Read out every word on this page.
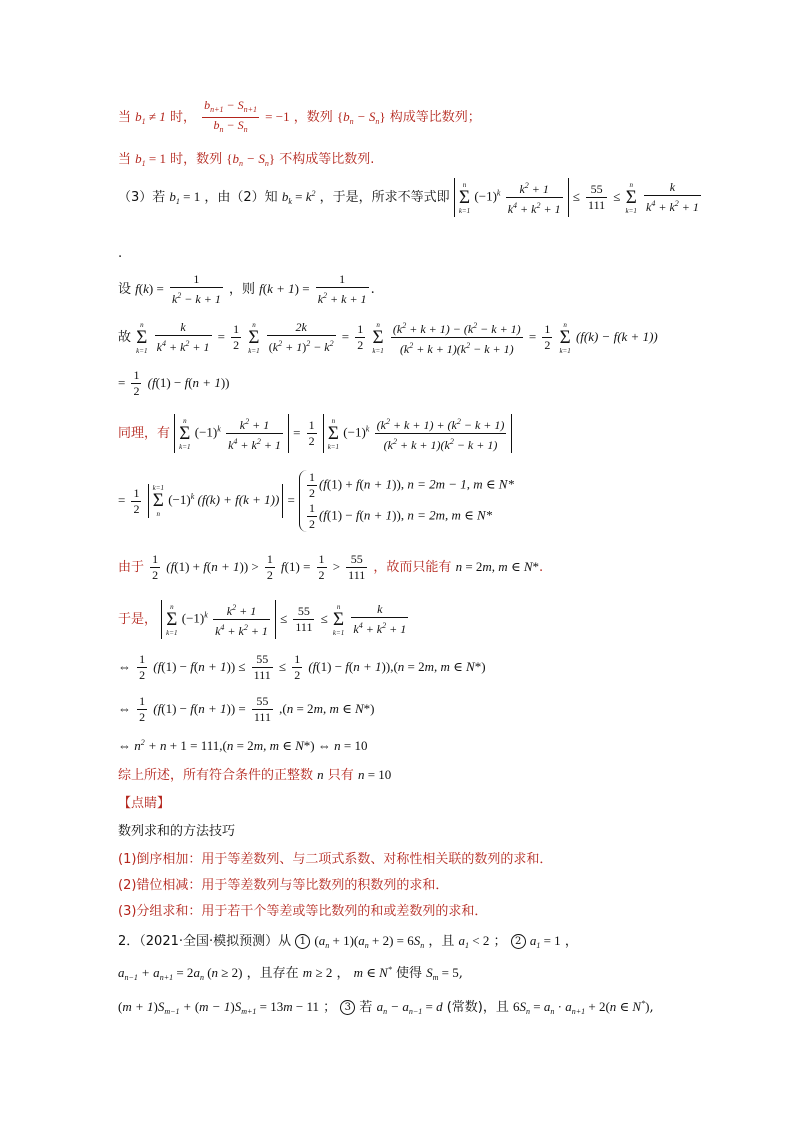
当 $b_1 \ne 1$ 时， $\frac{b_{n+1} - S_{n+1}}{b_n - S_n} = -1$ ，数列 $\{b_n - S_n\}$ 构成等比数列；
当 $b_1 = 1$ 时，数列 $\{b_n - S_n\}$ 不构成等比数列.
（3）若 $b_1 = 1$ ，由（2）知 $b_k = k^2$ ，于是，所求不等式即
n
Σ
k=1
$(-1)^k \frac{k^2 + 1}{k^4 + k^2 + 1} \le \frac{55}{111}$ ≤
n
Σ
k=1
$\frac{k}{k^4 + k^2 + 1}$
.
设 $f(k) = \frac{1}{k^2 - k + 1}$ ，则 $f(k + 1) = \frac{1}{k^2 + k + 1}$ .
故
n
Σ
k=1
$\frac{k}{k^4 + k^2 + 1} = \frac{1}{2}$
	n
Σ
k=1
$\frac{2k}{(k^2 + 1)^2 - k^2} = \frac{1}{2}$
	n
Σ
k=1
$\frac{(k^2 + k + 1) - (k^2 - k + 1)}{(k^2 + k + 1)(k^2 - k + 1)} = \frac{1}{2}$
	n
Σ
k=1
(f(k) − f(k + 1))
= $\frac{1}{2} (f(1) - f(n + 1))$
同理，有
n
Σ
k=1
$(-1)^k \frac{k^2 + 1}{k^4 + k^2 + 1} = \frac{1}{2}$
	n
Σ
k=1
$(-1)^k \frac{(k^2 + k + 1) + (k^2 - k + 1)}{(k^2 + k + 1)(k^2 - k + 1)}$
= $\frac{1}{2}$
k=1
Σ
n
$(-1)^k$ $(f(k) + f(k + 1)) = \frac{1}{2} (f(1) + f(n + 1))$, n = 2m − 1, m ∈ N*
$\frac{1}{2} (f(1) - f(n + 1))$, n = 2m, m ∈ N*
由于 $\frac{1}{2} (f(1) + f(n + 1)) > \frac{1}{2} f(1) = \frac{1}{2} > \frac{55}{111}$ ，故而只能有 n = 2m, m ∈ N*.
于是，
n
Σ
k=1
$(-1)^k \frac{k^2 + 1}{k^4 + k^2 + 1} \le \frac{55}{111}$ ≤
n
Σ
k=1
$\frac{k}{k^4 + k^2 + 1}$
⇔ $\frac{1}{2} (f(1) - f(n + 1)) \le \frac{55}{111} \le \frac{1}{2} (f(1) - f(n + 1)),(n = 2m$, m ∈ N*)
⇔ $\frac{1}{2} (f(1) - f(n + 1)) = \frac{55}{111} ,(n = 2m$, m ∈ N*)
⇔ $n^2 + n + 1 = 111,(n = 2m$, m ∈ N*) ⇔ n = 10
综上所述，所有符合条件的正整数 n 只有 n = 10
【点睛】
数列求和的方法技巧
(1)倒序相加：用于等差数列、与二项式系数、对称性相关联的数列的求和．
(2)错位相减：用于等差数列与等比数列的积数列的求和．
(3)分组求和：用于若干个等差或等比数列的和或差数列的求和．
2．（2021·全国·模拟预测）从 1 $(a_n + 1)(a_n + 2) = 6S_n$ ，且 $a_1 < 2$ ； 2 $a_1 = 1$ ，
$a_{n-1} + a_{n+1} = 2a_n$ (n ≥ 2) ，且存在 m ≥ 2 ， m ∈ N* 使得 $S_m = 5$,
$(m + 1)S_{m-1} + (m - 1)S_{m+1} = 13m - 11$ ； 3 若 $a_n - a_{n-1} = d$ (常数)，且 $6S_n = a_n \cdot a_{n+1} + 2(n$ ∈ N*),
